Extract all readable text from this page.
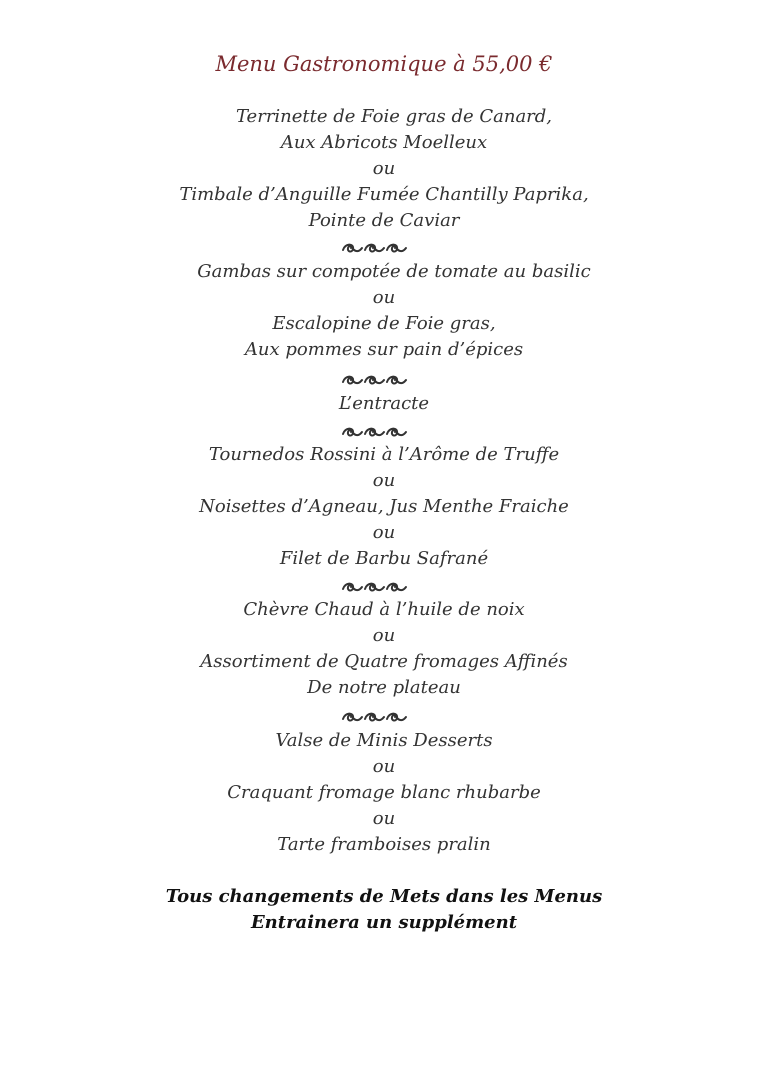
Menu Gastronomique à 55,00 €
Terrinette de Foie gras de Canard,
Aux Abricots Moelleux
ou
Timbale d’Anguille Fumée Chantilly Paprika,
Pointe de Caviar
Gambas sur compotée de tomate au basilic
ou
Escalopine de Foie gras,
Aux pommes sur pain d’épices
L’entracte
Tournedos Rossini à l’Arôme de Truffe
ou
Noisettes d’Agneau, Jus Menthe Fraiche
ou
Filet de Barbu Safrané
Chèvre Chaud à l’huile de noix
ou
Assortiment de Quatre fromages Affinés
De notre plateau
Valse de Minis Desserts
ou
Craquant fromage blanc rhubarbe
ou
Tarte framboises pralin
Tous changements de Mets dans les Menus
Entrainera un supplément
